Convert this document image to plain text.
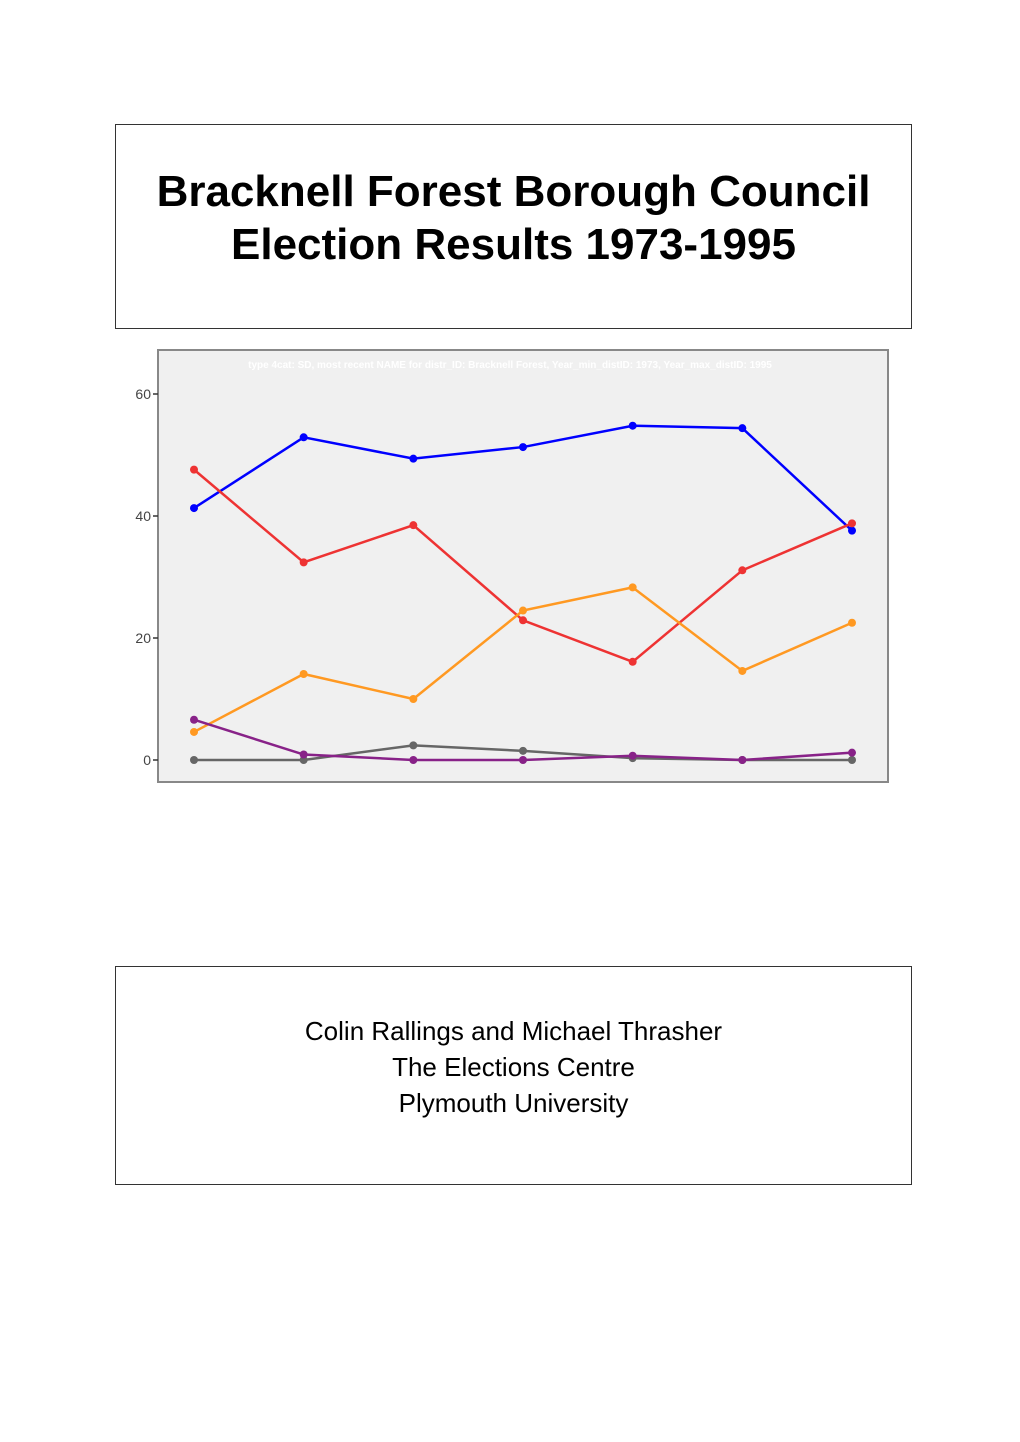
Bracknell Forest Borough Council
Election Results 1973-1995
type 4cat: SD, most recent NAME for distr_ID: Bracknell Forest, Year_min_distID: 1973, Year_max_distID: 1995
0
20
40
60
Colin Rallings and Michael Thrasher
The Elections Centre
Plymouth University
